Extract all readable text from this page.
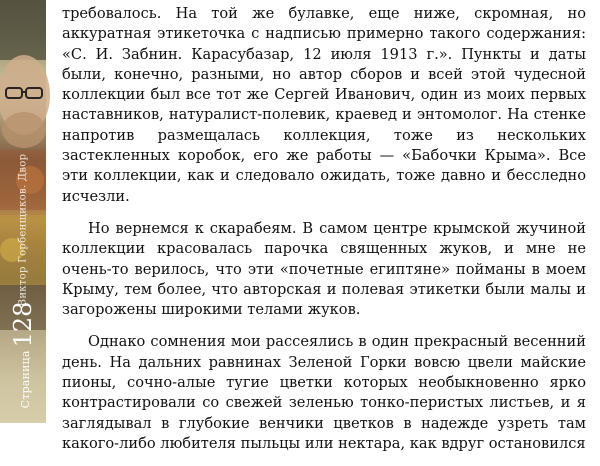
Виктор Горбенщиков. Двор
Страница128

требовалось. На той же булавке, еще ниже, скромная, но аккуратная этикеточка с надписью примерно такого содержания: «С. И. Забнин. Карасубазар, 12 июля 1913 г.». Пункты и даты были, конечно, разными, но автор сборов и всей этой чудесной коллекции был все тот же Сергей Иванович, один из моих первых наставников, натуралист-полевик, краевед и энтомолог. На стенке напротив размещалась коллекция, тоже из нескольких застекленных коробок, его же работы — «Бабочки Крыма». Все эти коллекции, как и следовало ожидать, тоже давно и бесследно исчезли.

Но вернемся к скарабеям. В самом центре крымской жучиной коллекции красовалась парочка священных жуков, и мне не очень-то верилось, что эти «почетные египтяне» пойманы в моем Крыму, тем более, что авторская и полевая этикетки были малы и загорожены широкими телами жуков.

Однако сомнения мои рассеялись в один прекрасный весенний день. На дальних равнинах Зеленой Горки вовсю цвели майские пионы, сочно-алые тугие цветки которых необыкновенно ярко контрастировали со свежей зеленью тонко-перистых листьев, и я заглядывал в глубокие венчики цветков в надежде узреть там какого-либо любителя пыльцы или нектара, как вдруг остановился
